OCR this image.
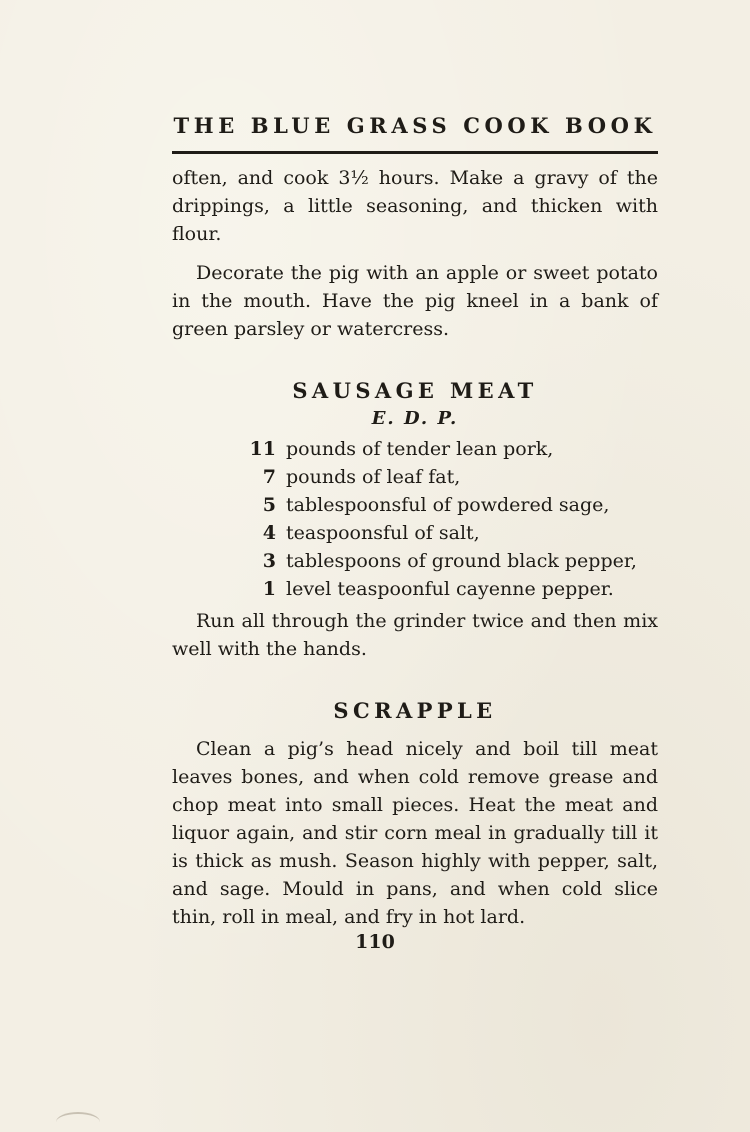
THE BLUE GRASS COOK BOOK

often, and cook 3½ hours. Make a gravy of the drippings, a little seasoning, and thicken with flour.

Decorate the pig with an apple or sweet potato in the mouth. Have the pig kneel in a bank of green parsley or watercress.

SAUSAGE MEAT
E. D. P.
11 pounds of tender lean pork,
7 pounds of leaf fat,
5 tablespoonsful of powdered sage,
4 teaspoonsful of salt,
3 tablespoons of ground black pepper,
1 level teaspoonful cayenne pepper.

Run all through the grinder twice and then mix well with the hands.

SCRAPPLE

Clean a pig’s head nicely and boil till meat leaves bones, and when cold remove grease and chop meat into small pieces. Heat the meat and liquor again, and stir corn meal in gradually till it is thick as mush. Season highly with pepper, salt, and sage. Mould in pans, and when cold slice thin, roll in meal, and fry in hot lard.

110
